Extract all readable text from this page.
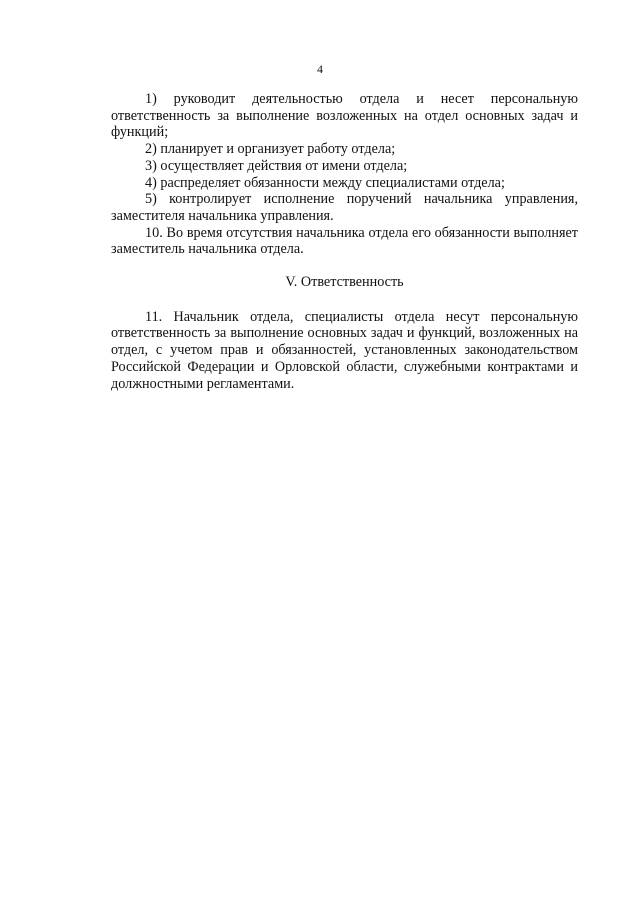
4

1) руководит деятельностью отдела и несет персональную ответственность за выполнение возложенных на отдел основных задач и функций;

2) планирует и организует работу отдела;

3) осуществляет действия от имени отдела;

4) распределяет обязанности между специалистами отдела;

5) контролирует исполнение поручений начальника управления, заместителя начальника управления.

10. Во время отсутствия начальника отдела его обязанности выполняет заместитель начальника отдела.

V. Ответственность

11. Начальник отдела, специалисты отдела несут персональную ответственность за выполнение основных задач и функций, возложенных на отдел, с учетом прав и обязанностей, установленных законодательством Российской Федерации и Орловской области, служебными контрактами и должностными регламентами.
